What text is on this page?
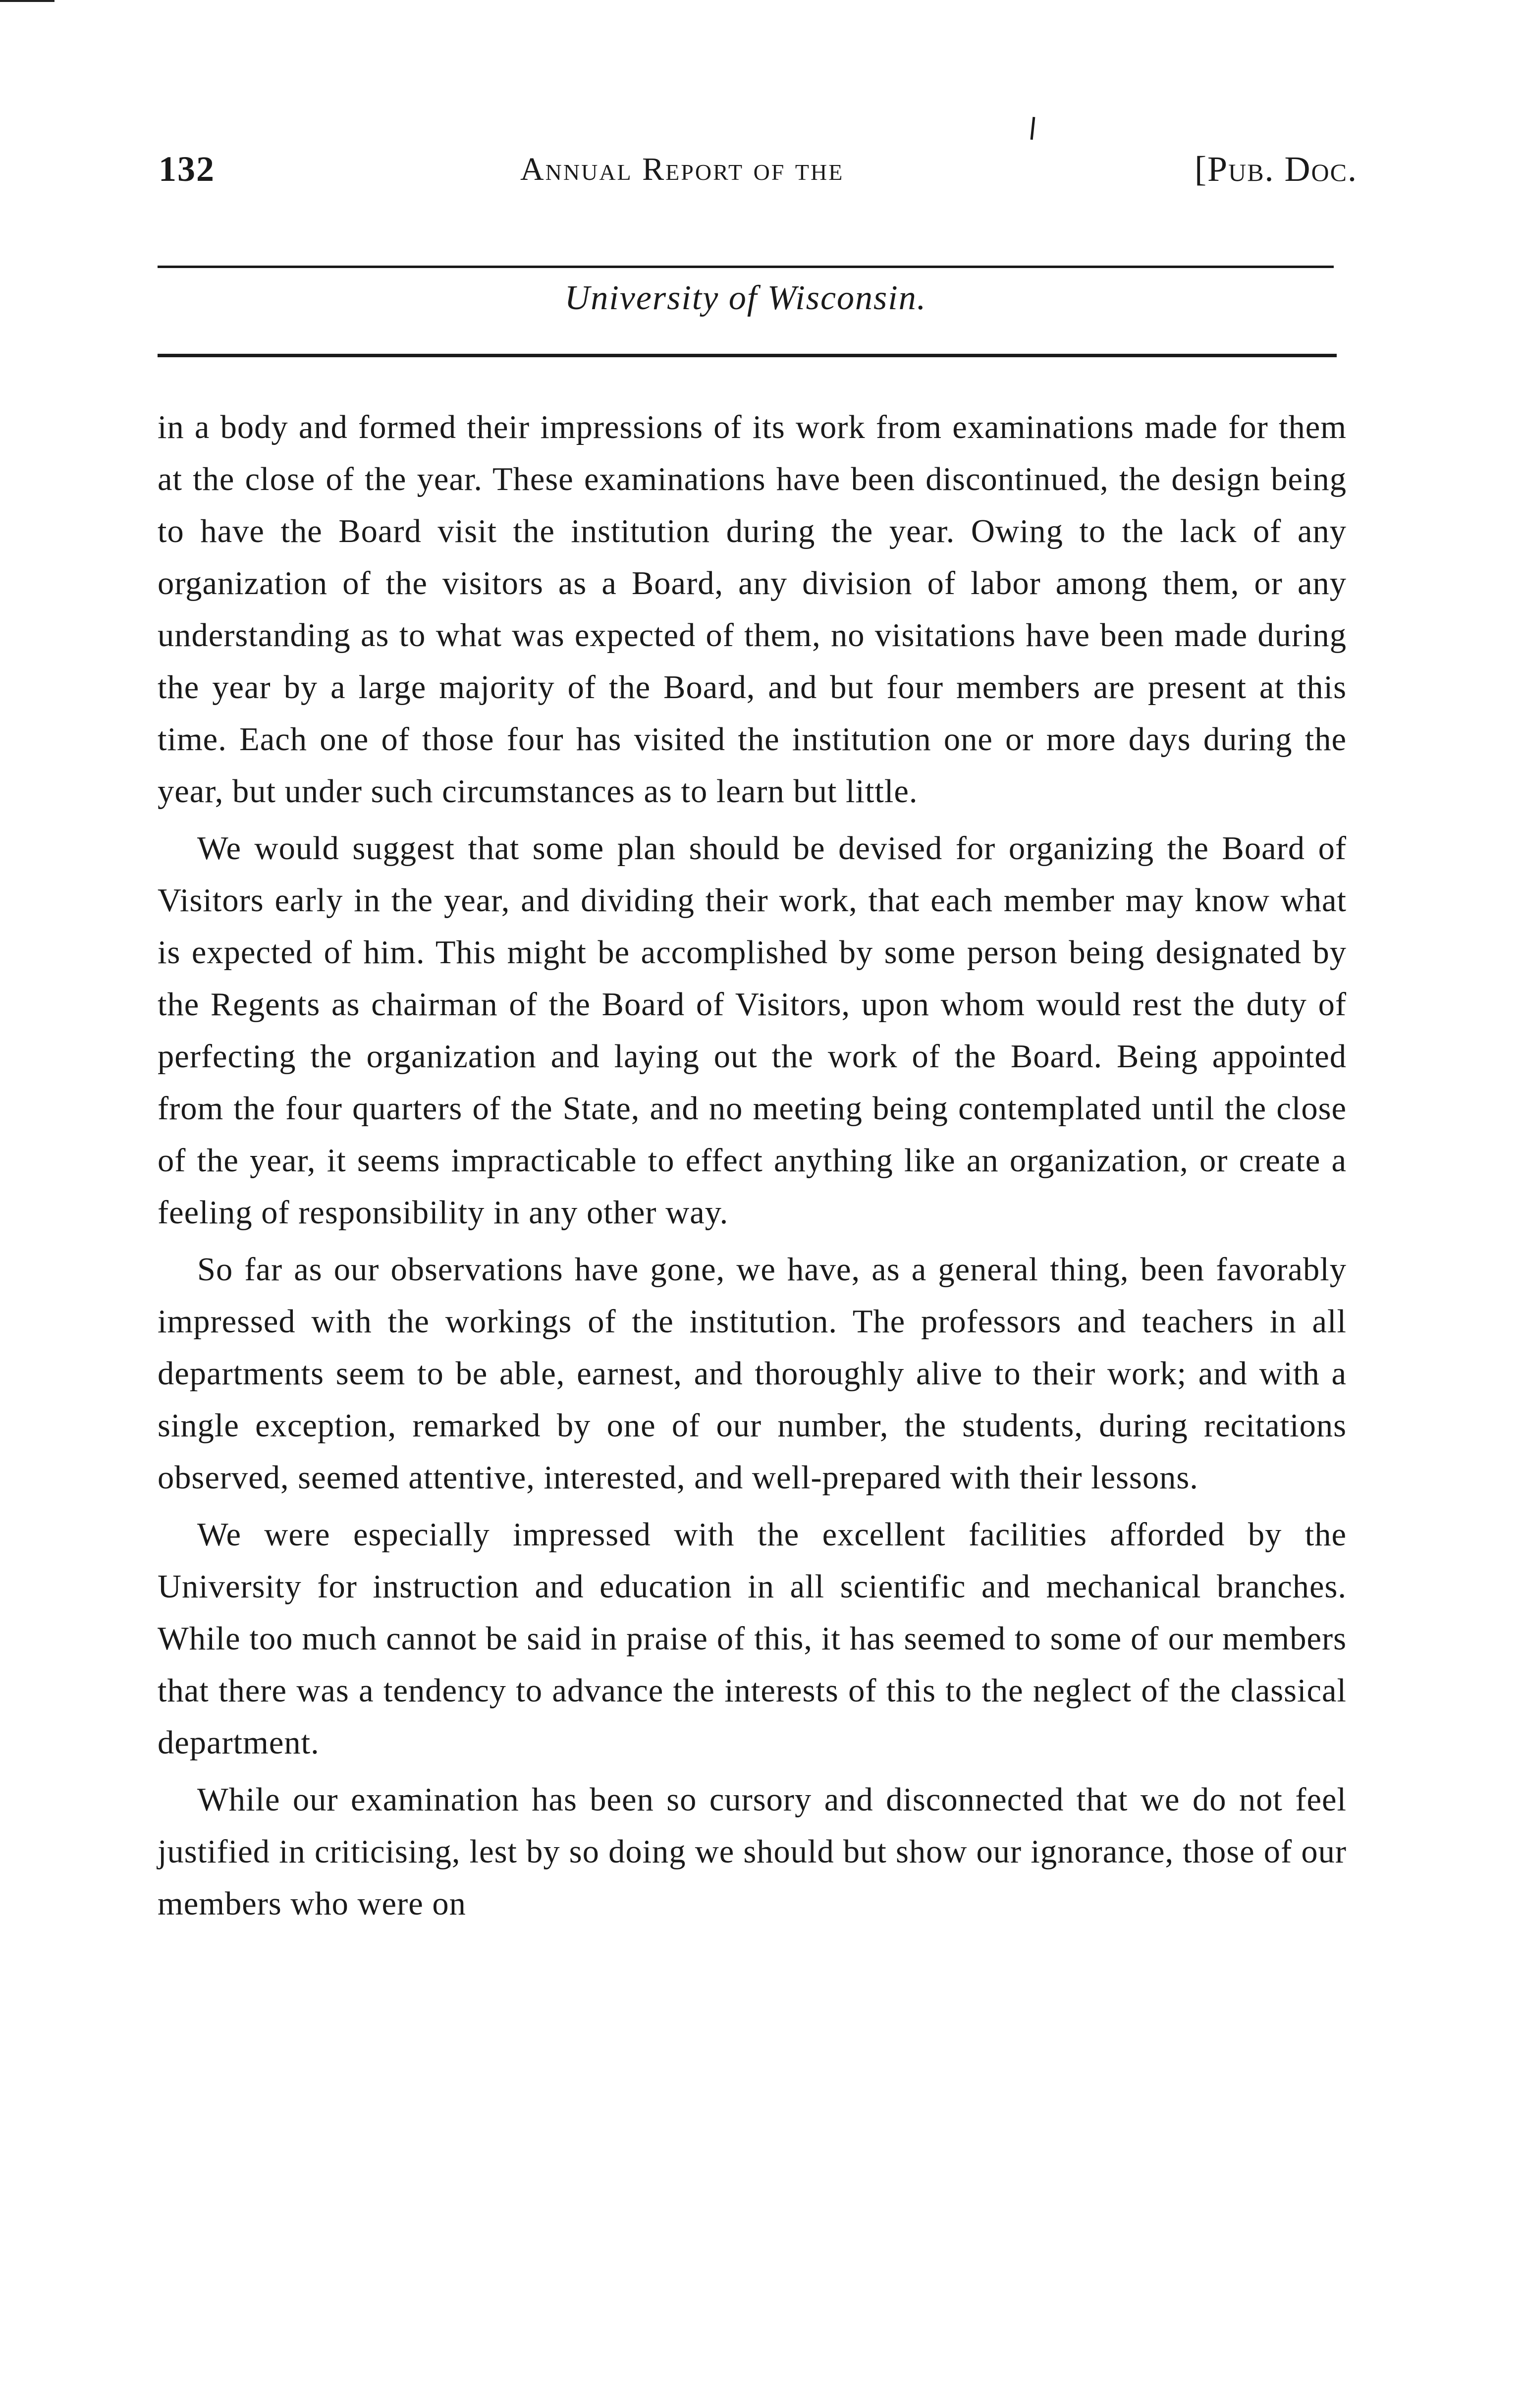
132	Annual Report of the	[Pub. Doc.
University of Wisconsin.

in a body and formed their impressions of its work from examinations made for them at the close of the year. These examinations have been discontinued, the design being to have the Board visit the institution during the year. Owing to the lack of any organization of the visitors as a Board, any division of labor among them, or any understanding as to what was expected of them, no visitations have been made during the year by a large majority of the Board, and but four members are present at this time. Each one of those four has visited the institution one or more days during the year, but under such circumstances as to learn but little.

We would suggest that some plan should be devised for organizing the Board of Visitors early in the year, and dividing their work, that each member may know what is expected of him. This might be accomplished by some person being designated by the Regents as chairman of the Board of Visitors, upon whom would rest the duty of perfecting the organization and laying out the work of the Board. Being appointed from the four quarters of the State, and no meeting being contemplated until the close of the year, it seems impracticable to effect anything like an organization, or create a feeling of responsibility in any other way.

So far as our observations have gone, we have, as a general thing, been favorably impressed with the workings of the institution. The professors and teachers in all departments seem to be able, earnest, and thoroughly alive to their work; and with a single exception, remarked by one of our number, the students, during recitations observed, seemed attentive, interested, and well-prepared with their lessons.

We were especially impressed with the excellent facilities afforded by the University for instruction and education in all scientific and mechanical branches. While too much cannot be said in praise of this, it has seemed to some of our members that there was a tendency to advance the interests of this to the neglect of the classical department.

While our examination has been so cursory and disconnected that we do not feel justified in criticising, lest by so doing we should but show our ignorance, those of our members who were on
